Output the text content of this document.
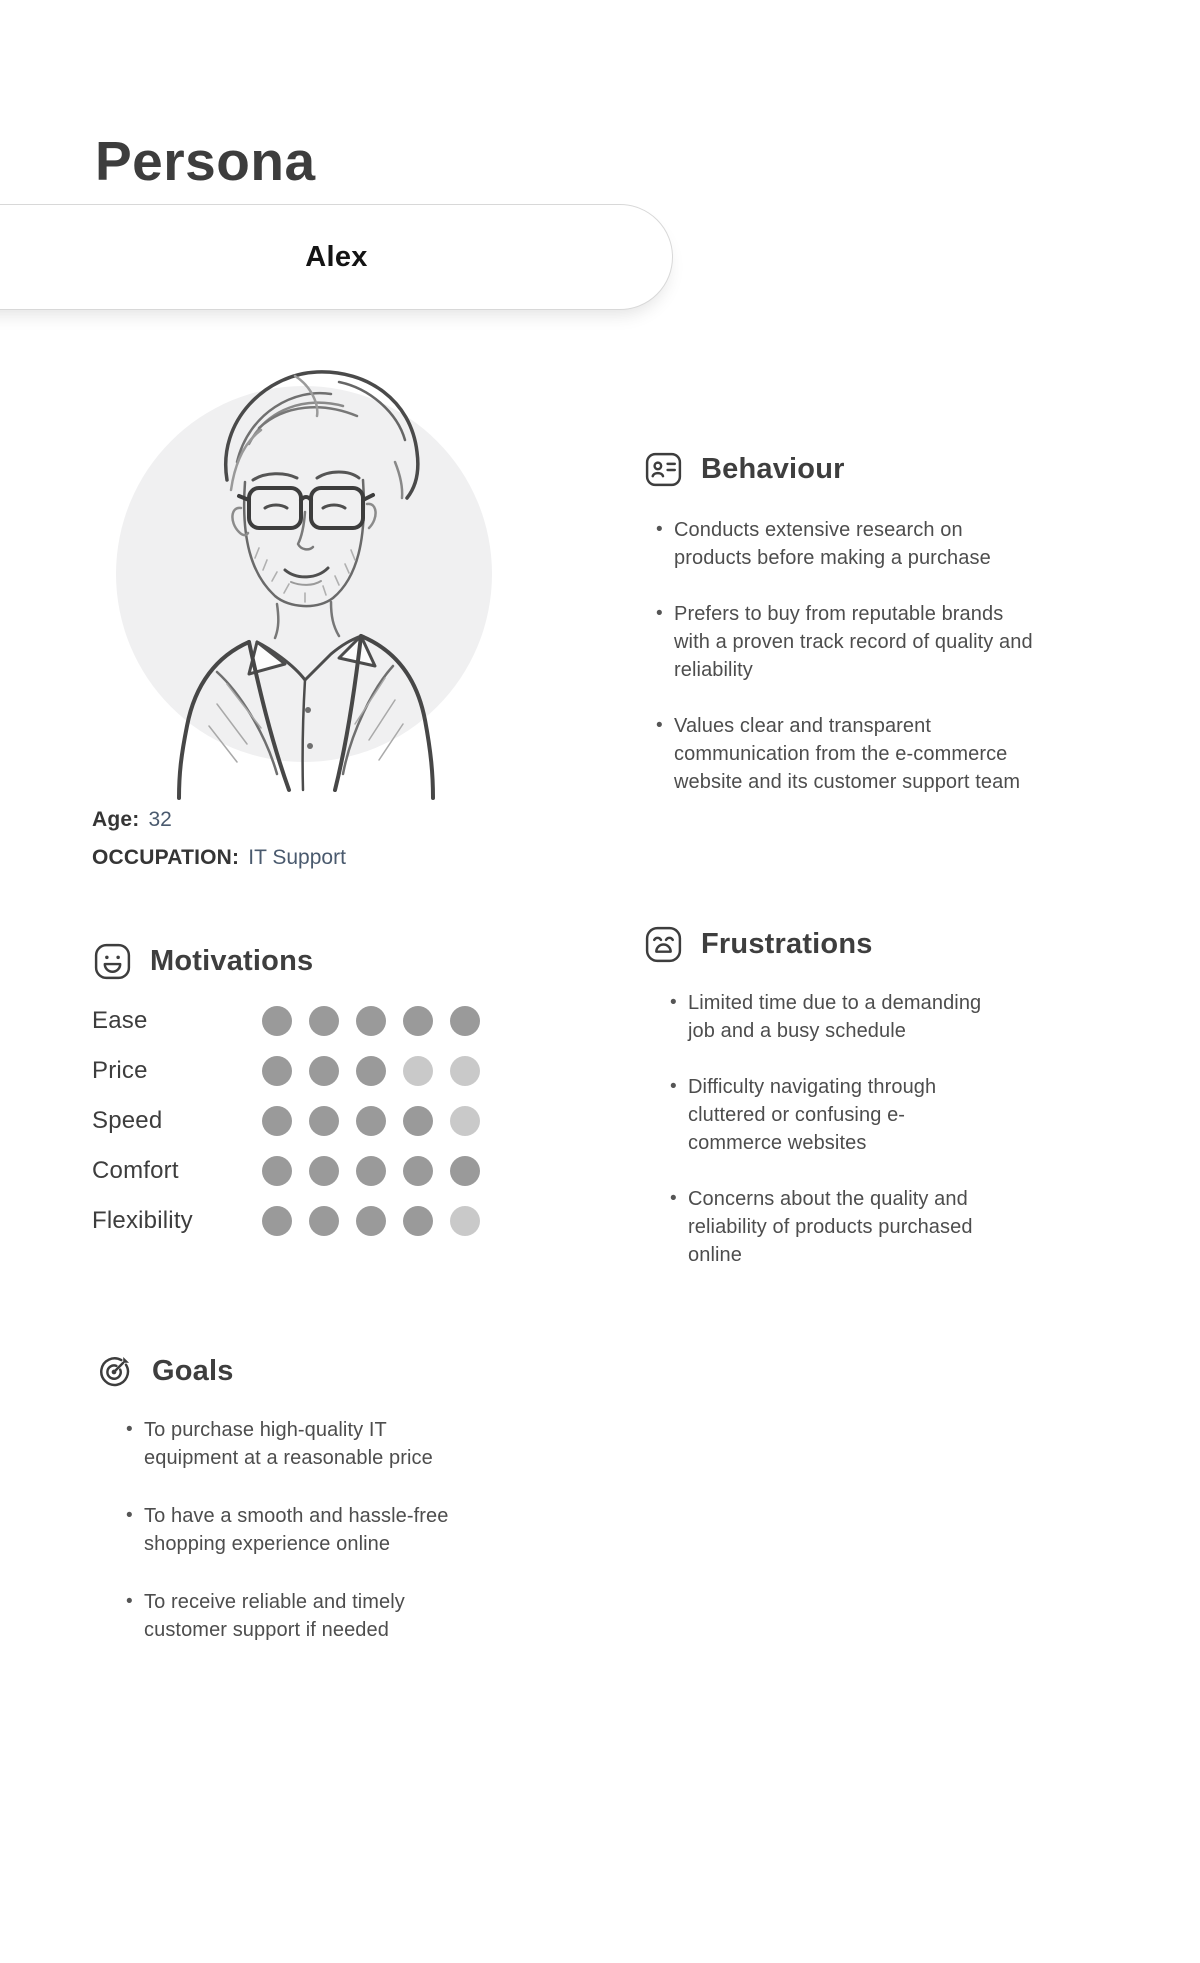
Persona
Alex
Age: 32
OCCUPATION: IT Support
Behaviour
• Conducts extensive research on products before making a purchase
• Prefers to buy from reputable brands with a proven track record of quality and reliability
• Values clear and transparent communication from the e-commerce website and its customer support team
Motivations
Ease
Price
Speed
Comfort
Flexibility
Frustrations
• Limited time due to a demanding job and a busy schedule
• Difficulty navigating through cluttered or confusing e-commerce websites
• Concerns about the quality and reliability of products purchased online
Goals
• To purchase high-quality IT equipment at a reasonable price
• To have a smooth and hassle-free shopping experience online
• To receive reliable and timely customer support if needed
